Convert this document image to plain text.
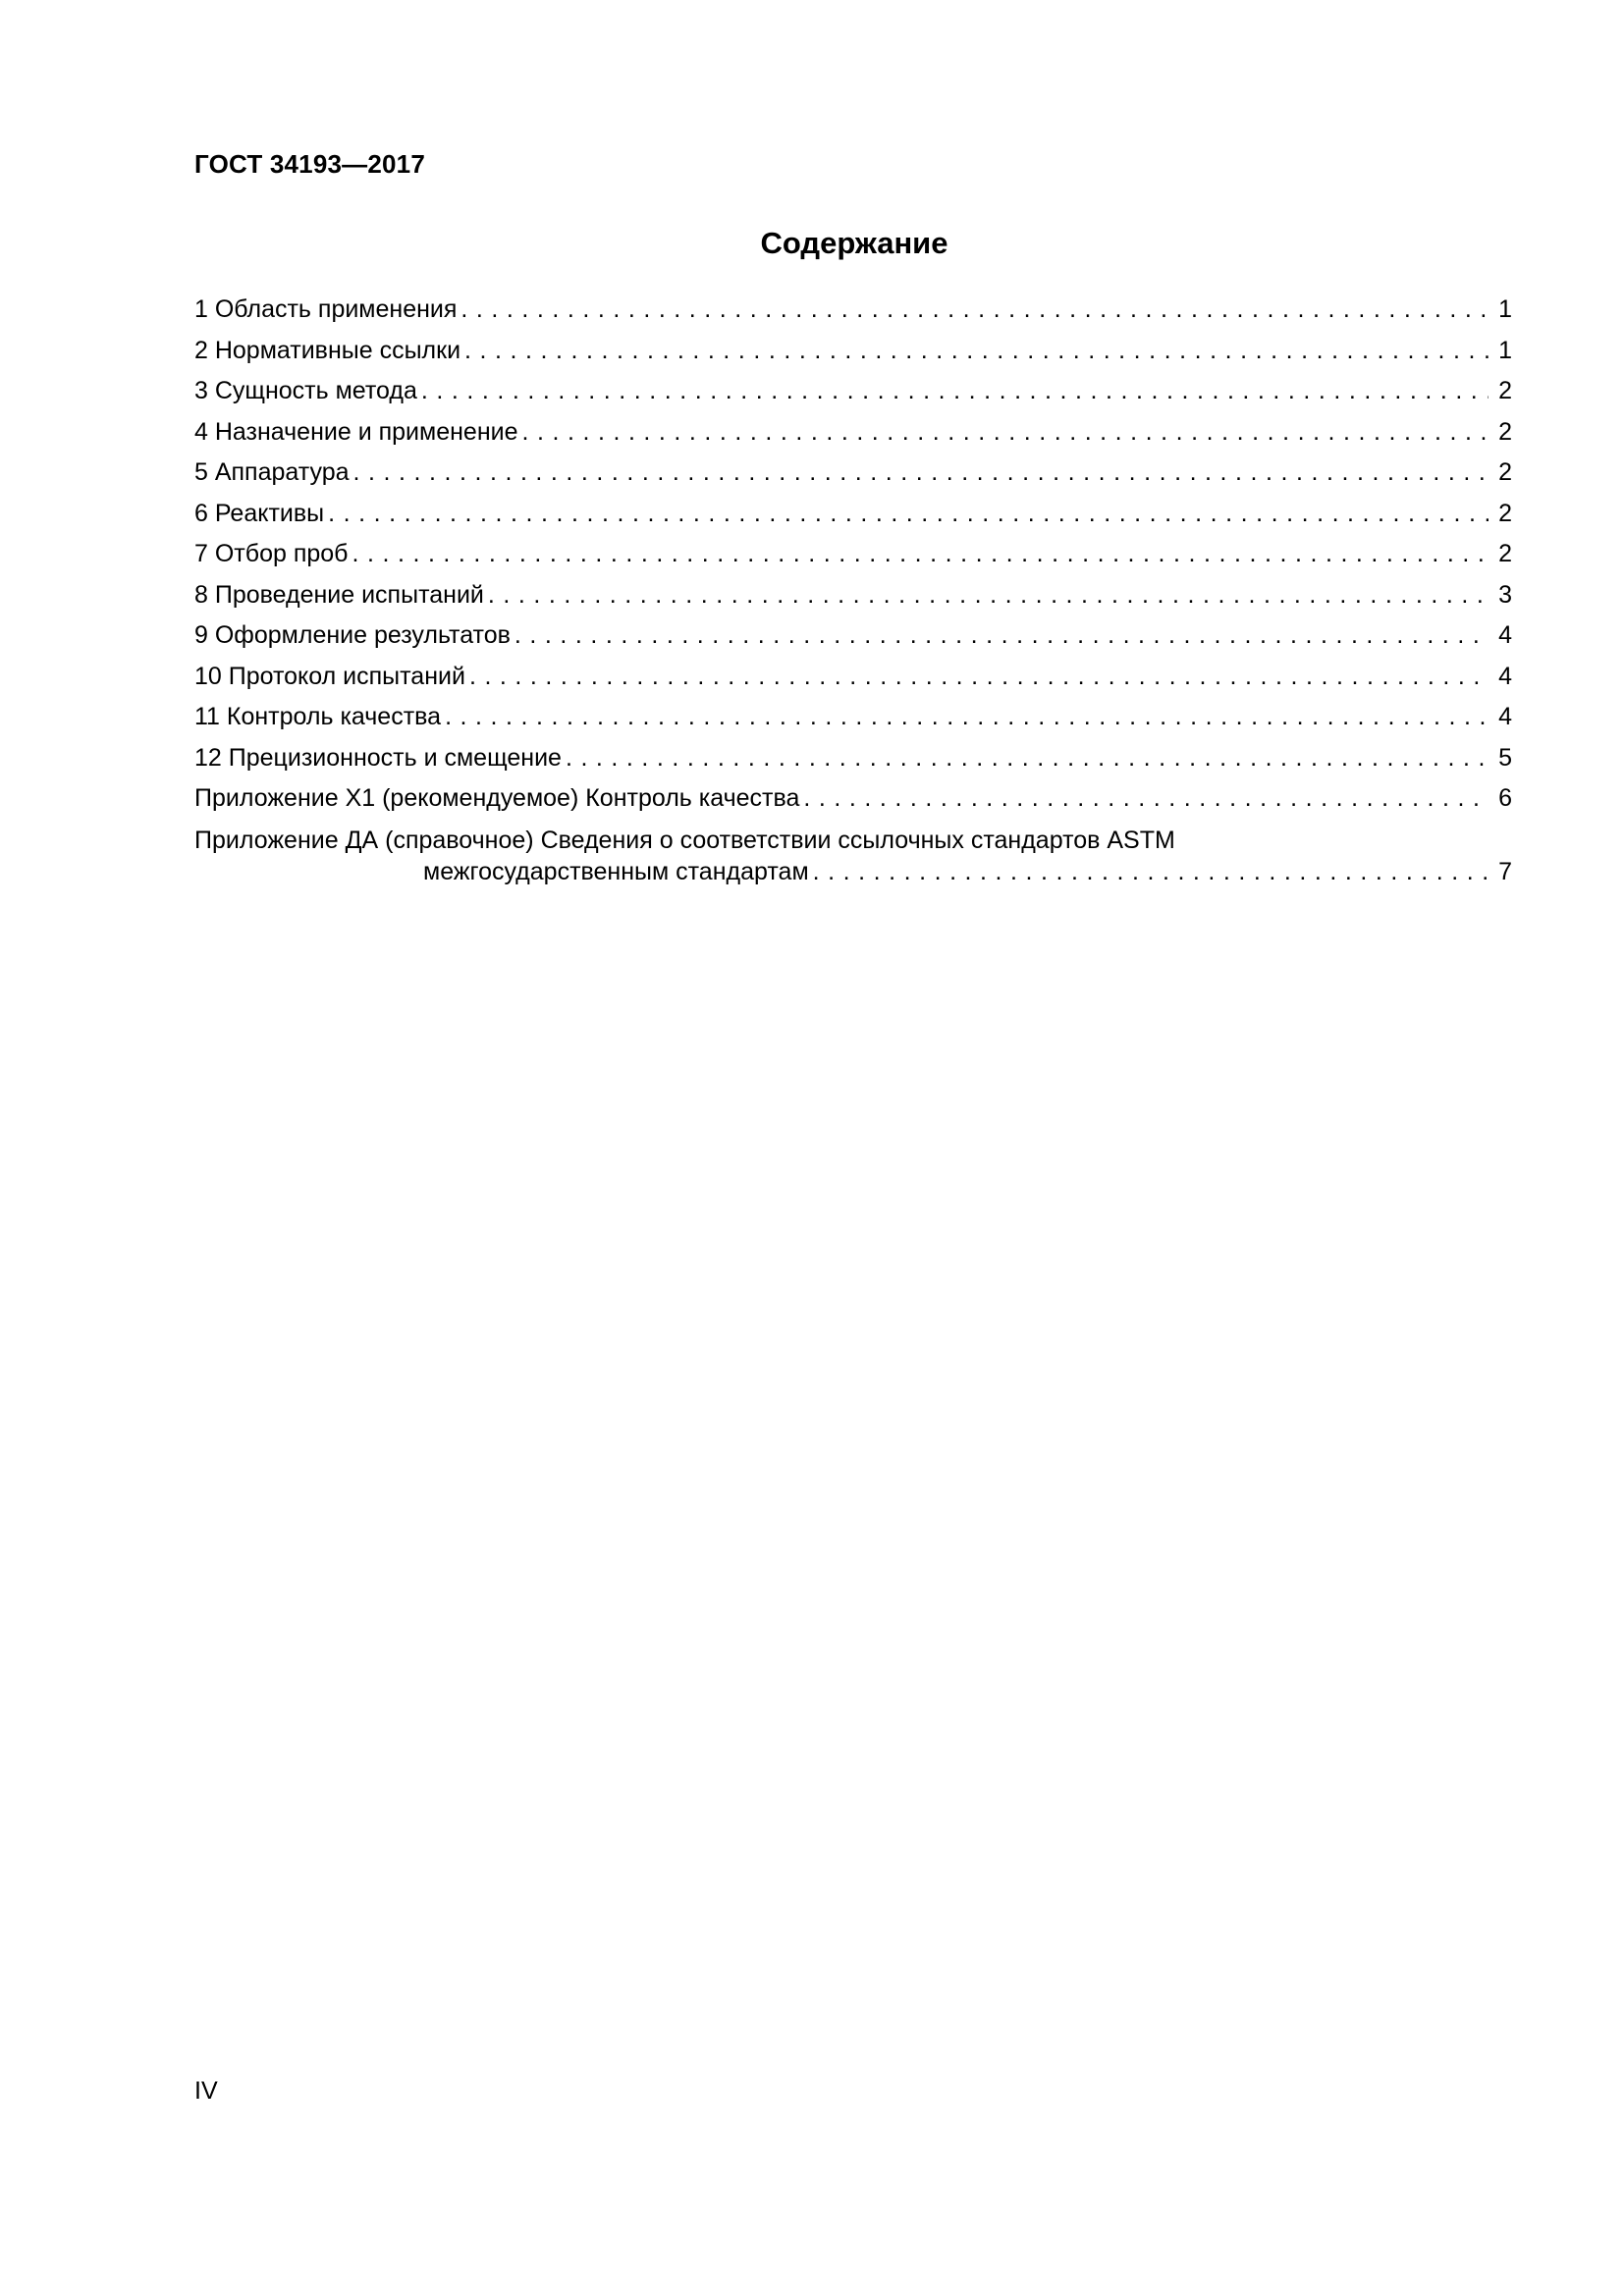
ГОСТ 34193—2017
Содержание
1 Область применения . . .	1
2 Нормативные ссылки . . .	1
3 Сущность метода . . .	2
4 Назначение и применение . . .	2
5 Аппаратура . . .	2
6 Реактивы . . .	2
7 Отбор проб . . .	2
8 Проведение испытаний . . .	3
9 Оформление результатов . . .	4
10 Протокол испытаний . . .	4
11 Контроль качества . . .	4
12 Прецизионность и смещение . . .	5
Приложение Х1 (рекомендуемое) Контроль качества . . .	6
Приложение ДА (справочное) Сведения о соответствии ссылочных стандартов ASTM
межгосударственным стандартам . . .	7
IV
